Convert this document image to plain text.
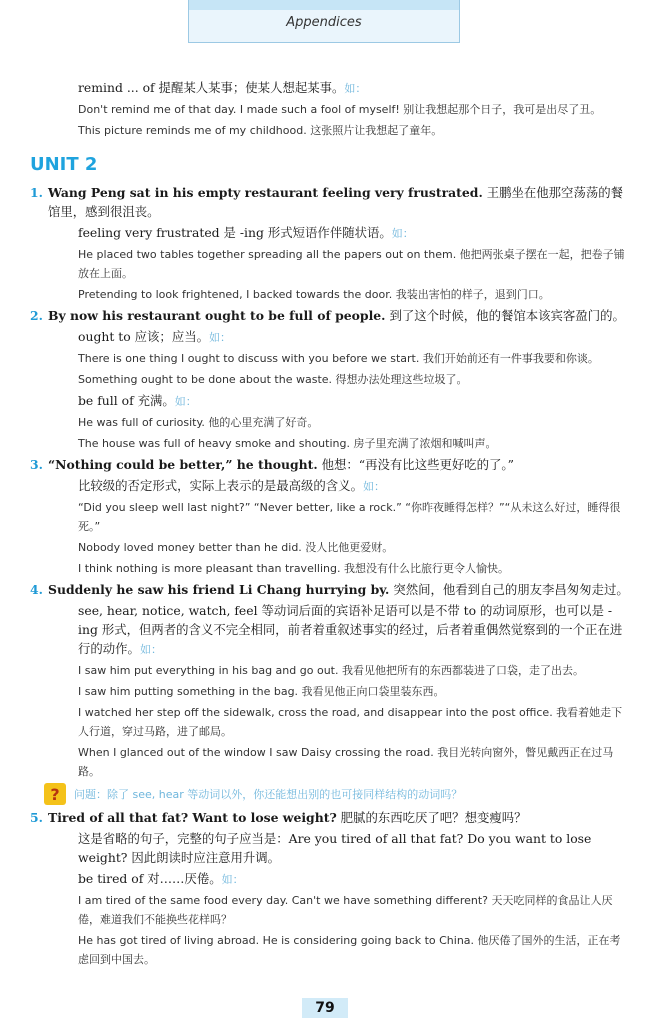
Appendices
remind ... of 提醒某人某事；使某人想起某事。如：
Don't remind me of that day. I made such a fool of myself! 别让我想起那个日子，我可是出尽了丑。
This picture reminds me of my childhood. 这张照片让我想起了童年。
UNIT 2
1. Wang Peng sat in his empty restaurant feeling very frustrated. 王鹏坐在他那空荡荡的餐馆里，感到很沮丧。
feeling very frustrated 是 -ing 形式短语作伴随状语。如：
He placed two tables together spreading all the papers out on them. 他把两张桌子摆在一起，把卷子铺放在上面。
Pretending to look frightened, I backed towards the door. 我装出害怕的样子，退到门口。
2. By now his restaurant ought to be full of people. 到了这个时候，他的餐馆本该宾客盈门的。
ought to 应该；应当。如：
There is one thing I ought to discuss with you before we start. 我们开始前还有一件事我要和你谈。
Something ought to be done about the waste. 得想办法处理这些垃圾了。
be full of 充满。如：
He was full of curiosity. 他的心里充满了好奇。
The house was full of heavy smoke and shouting. 房子里充满了浓烟和喊叫声。
3. “Nothing could be better,” he thought. 他想：“再没有比这些更好吃的了。”
比较级的否定形式，实际上表示的是最高级的含义。如：
“Did you sleep well last night?” “Never better, like a rock.” “你昨夜睡得怎样？”“从未这么好过，睡得很死。”
Nobody loved money better than he did. 没人比他更爱财。
I think nothing is more pleasant than travelling. 我想没有什么比旅行更令人愉快。
4. Suddenly he saw his friend Li Chang hurrying by. 突然间，他看到自己的朋友李昌匆匆走过。
see, hear, notice, watch, feel 等动词后面的宾语补足语可以是不带 to 的动词原形，也可以是 -ing 形式，但两者的含义不完全相同，前者着重叙述事实的经过，后者着重偶然觉察到的一个正在进行的动作。如：
I saw him put everything in his bag and go out. 我看见他把所有的东西都装进了口袋，走了出去。
I saw him putting something in the bag. 我看见他正向口袋里装东西。
I watched her step off the sidewalk, cross the road, and disappear into the post office. 我看着她走下人行道，穿过马路，进了邮局。
When I glanced out of the window I saw Daisy crossing the road. 我目光转向窗外，瞥见戴西正在过马路。
?	问题：除了 see, hear 等动词以外，你还能想出别的也可接同样结构的动词吗？
5. Tired of all that fat? Want to lose weight? 肥腻的东西吃厌了吧？想变瘦吗？
这是省略的句子，完整的句子应当是：Are you tired of all that fat? Do you want to lose weight? 因此朗读时应注意用升调。
be tired of 对……厌倦。如：
I am tired of the same food every day. Can't we have something different? 天天吃同样的食品让人厌倦，难道我们不能换些花样吗？
He has got tired of living abroad. He is considering going back to China. 他厌倦了国外的生活，正在考虑回到中国去。
79
